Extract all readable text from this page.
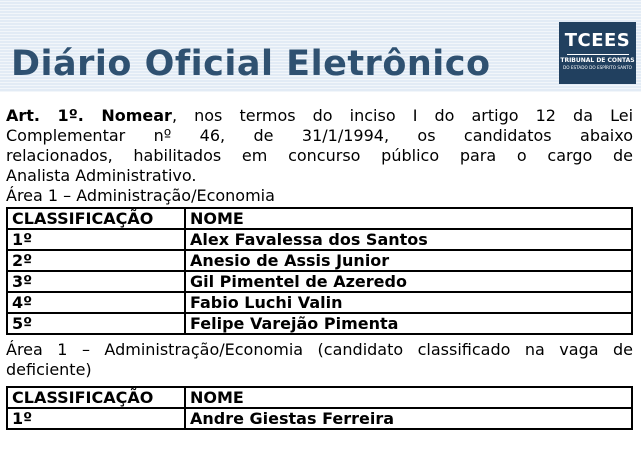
Diário Oficial Eletrônico
TCEES
TRIBUNAL DE CONTAS
DO ESTADO DO ESPÍRITO SANTO

Art. 1º. Nomear, nos termos do inciso I do artigo 12 da Lei

Complementar nº 46, de 31/1/1994, os candidatos abaixo

relacionados, habilitados em concurso público para o cargo de

Analista Administrativo.

Área 1 – Administração/Economia

CLASSIFICAÇÃO	NOME
1º	Alex Favalessa dos Santos
2º	Anesio de Assis Junior
3º	Gil Pimentel de Azeredo
4º	Fabio Luchi Valin
5º	Felipe Varejão Pimenta

Área 1 – Administração/Economia (candidato classificado na vaga de deficiente)

CLASSIFICAÇÃO	NOME
1º	Andre Giestas Ferreira
